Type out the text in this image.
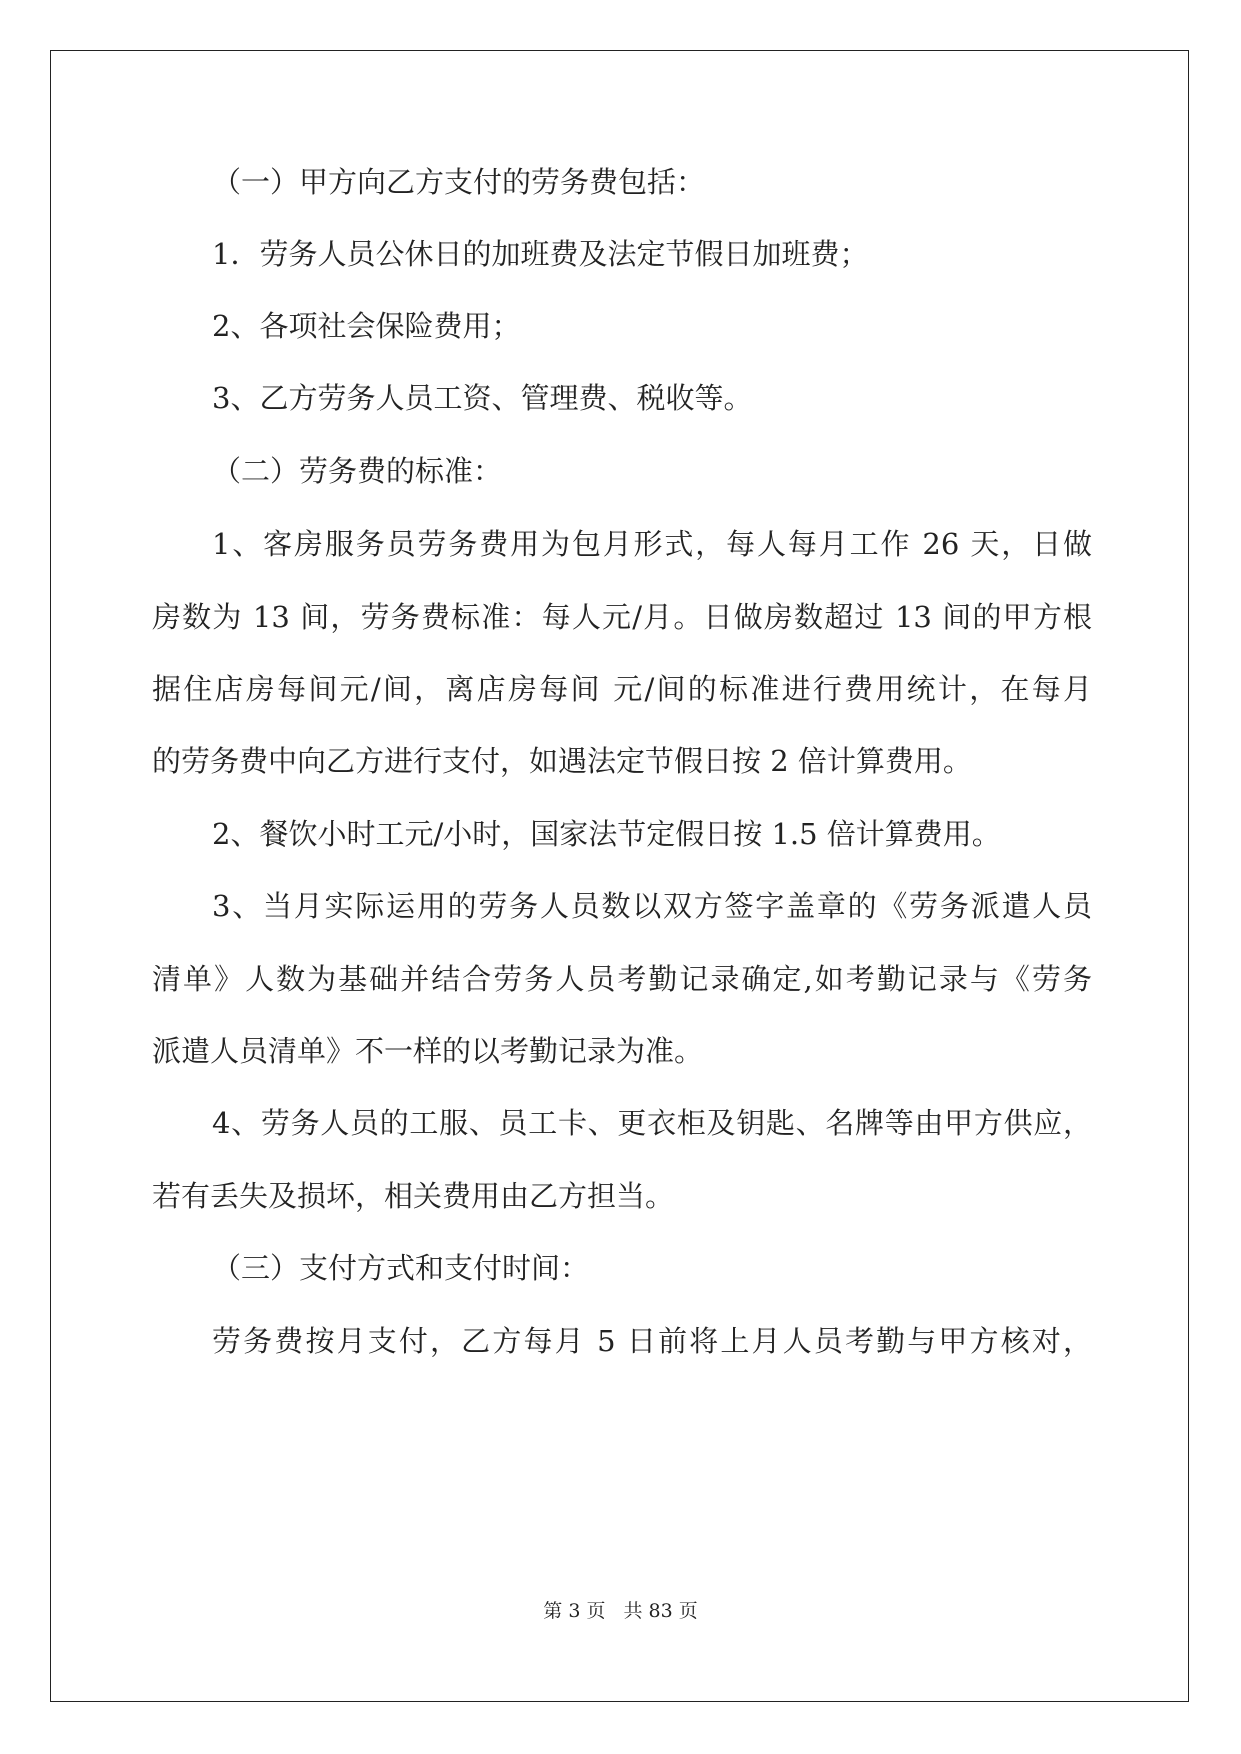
（一）甲方向乙方支付的劳务费包括：
1．劳务人员公休日的加班费及法定节假日加班费；
2、各项社会保险费用；
3、乙方劳务人员工资、管理费、税收等。
（二）劳务费的标准：
1、客房服务员劳务费用为包月形式，每人每月工作 26 天，日做
房数为 13 间，劳务费标准：每人元/月。日做房数超过 13 间的甲方根
据住店房每间元/间，离店房每间 元/间的标准进行费用统计，在每月
的劳务费中向乙方进行支付，如遇法定节假日按 2 倍计算费用。
2、餐饮小时工元/小时，国家法节定假日按 1.5 倍计算费用。
3、当月实际运用的劳务人员数以双方签字盖章的《劳务派遣人员
清单》人数为基础并结合劳务人员考勤记录确定,如考勤记录与《劳务
派遣人员清单》不一样的以考勤记录为准。
4、劳务人员的工服、员工卡、更衣柜及钥匙、名牌等由甲方供应，
若有丢失及损坏，相关费用由乙方担当。
（三）支付方式和支付时间：
劳务费按月支付，乙方每月 5 日前将上月人员考勤与甲方核对，
第 3 页 共 83 页
